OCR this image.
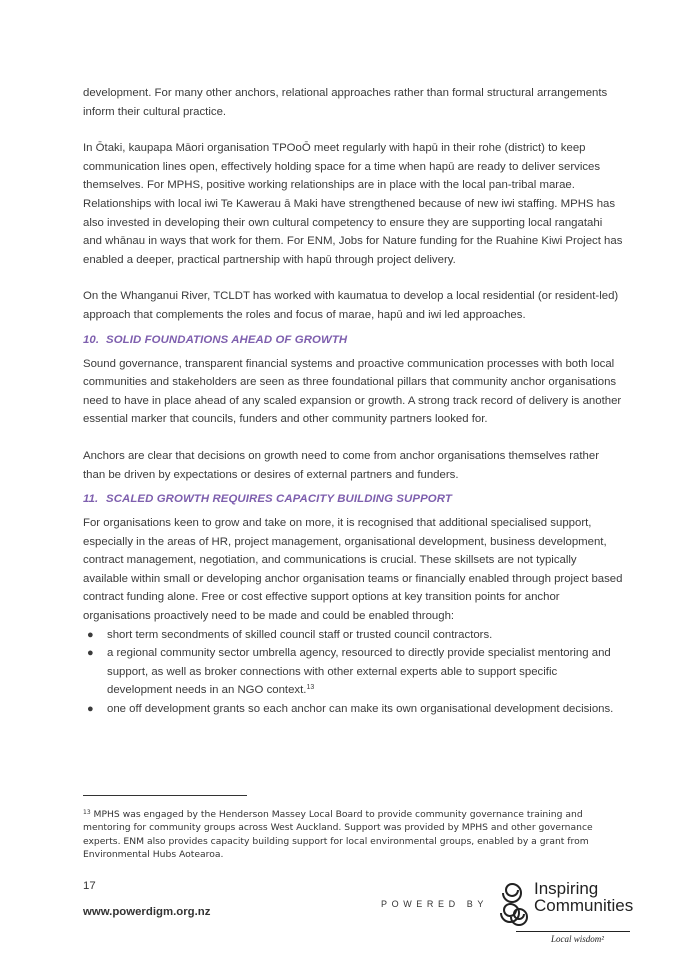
development. For many other anchors, relational approaches rather than formal structural arrangements inform their cultural practice.

In Ōtaki, kaupapa Māori organisation TPOoŌ meet regularly with hapū in their rohe (district) to keep communication lines open, effectively holding space for a time when hapū are ready to deliver services themselves. For MPHS, positive working relationships are in place with the local pan-tribal marae. Relationships with local iwi Te Kawerau ā Maki have strengthened because of new iwi staffing. MPHS has also invested in developing their own cultural competency to ensure they are supporting local rangatahi and whānau in ways that work for them. For ENM, Jobs for Nature funding for the Ruahine Kiwi Project has enabled a deeper, practical partnership with hapū through project delivery.

On the Whanganui River, TCLDT has worked with kaumatua to develop a local residential (or resident-led) approach that complements the roles and focus of marae, hapū and iwi led approaches.

10. SOLID FOUNDATIONS AHEAD OF GROWTH

Sound governance, transparent financial systems and proactive communication processes with both local communities and stakeholders are seen as three foundational pillars that community anchor organisations need to have in place ahead of any scaled expansion or growth. A strong track record of delivery is another essential marker that councils, funders and other community partners looked for.

Anchors are clear that decisions on growth need to come from anchor organisations themselves rather than be driven by expectations or desires of external partners and funders.

11. SCALED GROWTH REQUIRES CAPACITY BUILDING SUPPORT

For organisations keen to grow and take on more, it is recognised that additional specialised support, especially in the areas of HR, project management, organisational development, business development, contract management, negotiation, and communications is crucial. These skillsets are not typically available within small or developing anchor organisation teams or financially enabled through project based contract funding alone. Free or cost effective support options at key transition points for anchor organisations proactively need to be made and could be enabled through:

● short term secondments of skilled council staff or trusted council contractors.
● a regional community sector umbrella agency, resourced to directly provide specialist mentoring and support, as well as broker connections with other external experts able to support specific development needs in an NGO context.$^{13}$
● one off development grants so each anchor can make its own organisational development decisions.
$^{13}$ MPHS was engaged by the Henderson Massey Local Board to provide community governance training and mentoring for community groups across West Auckland. Support was provided by MPHS and other governance experts. ENM also provides capacity building support for local environmental groups, enabled by a grant from Environmental Hubs Aotearoa.
17
www.powerdigm.org.nz
POWERED BY
Inspiring
Communities
Local wisdom²
